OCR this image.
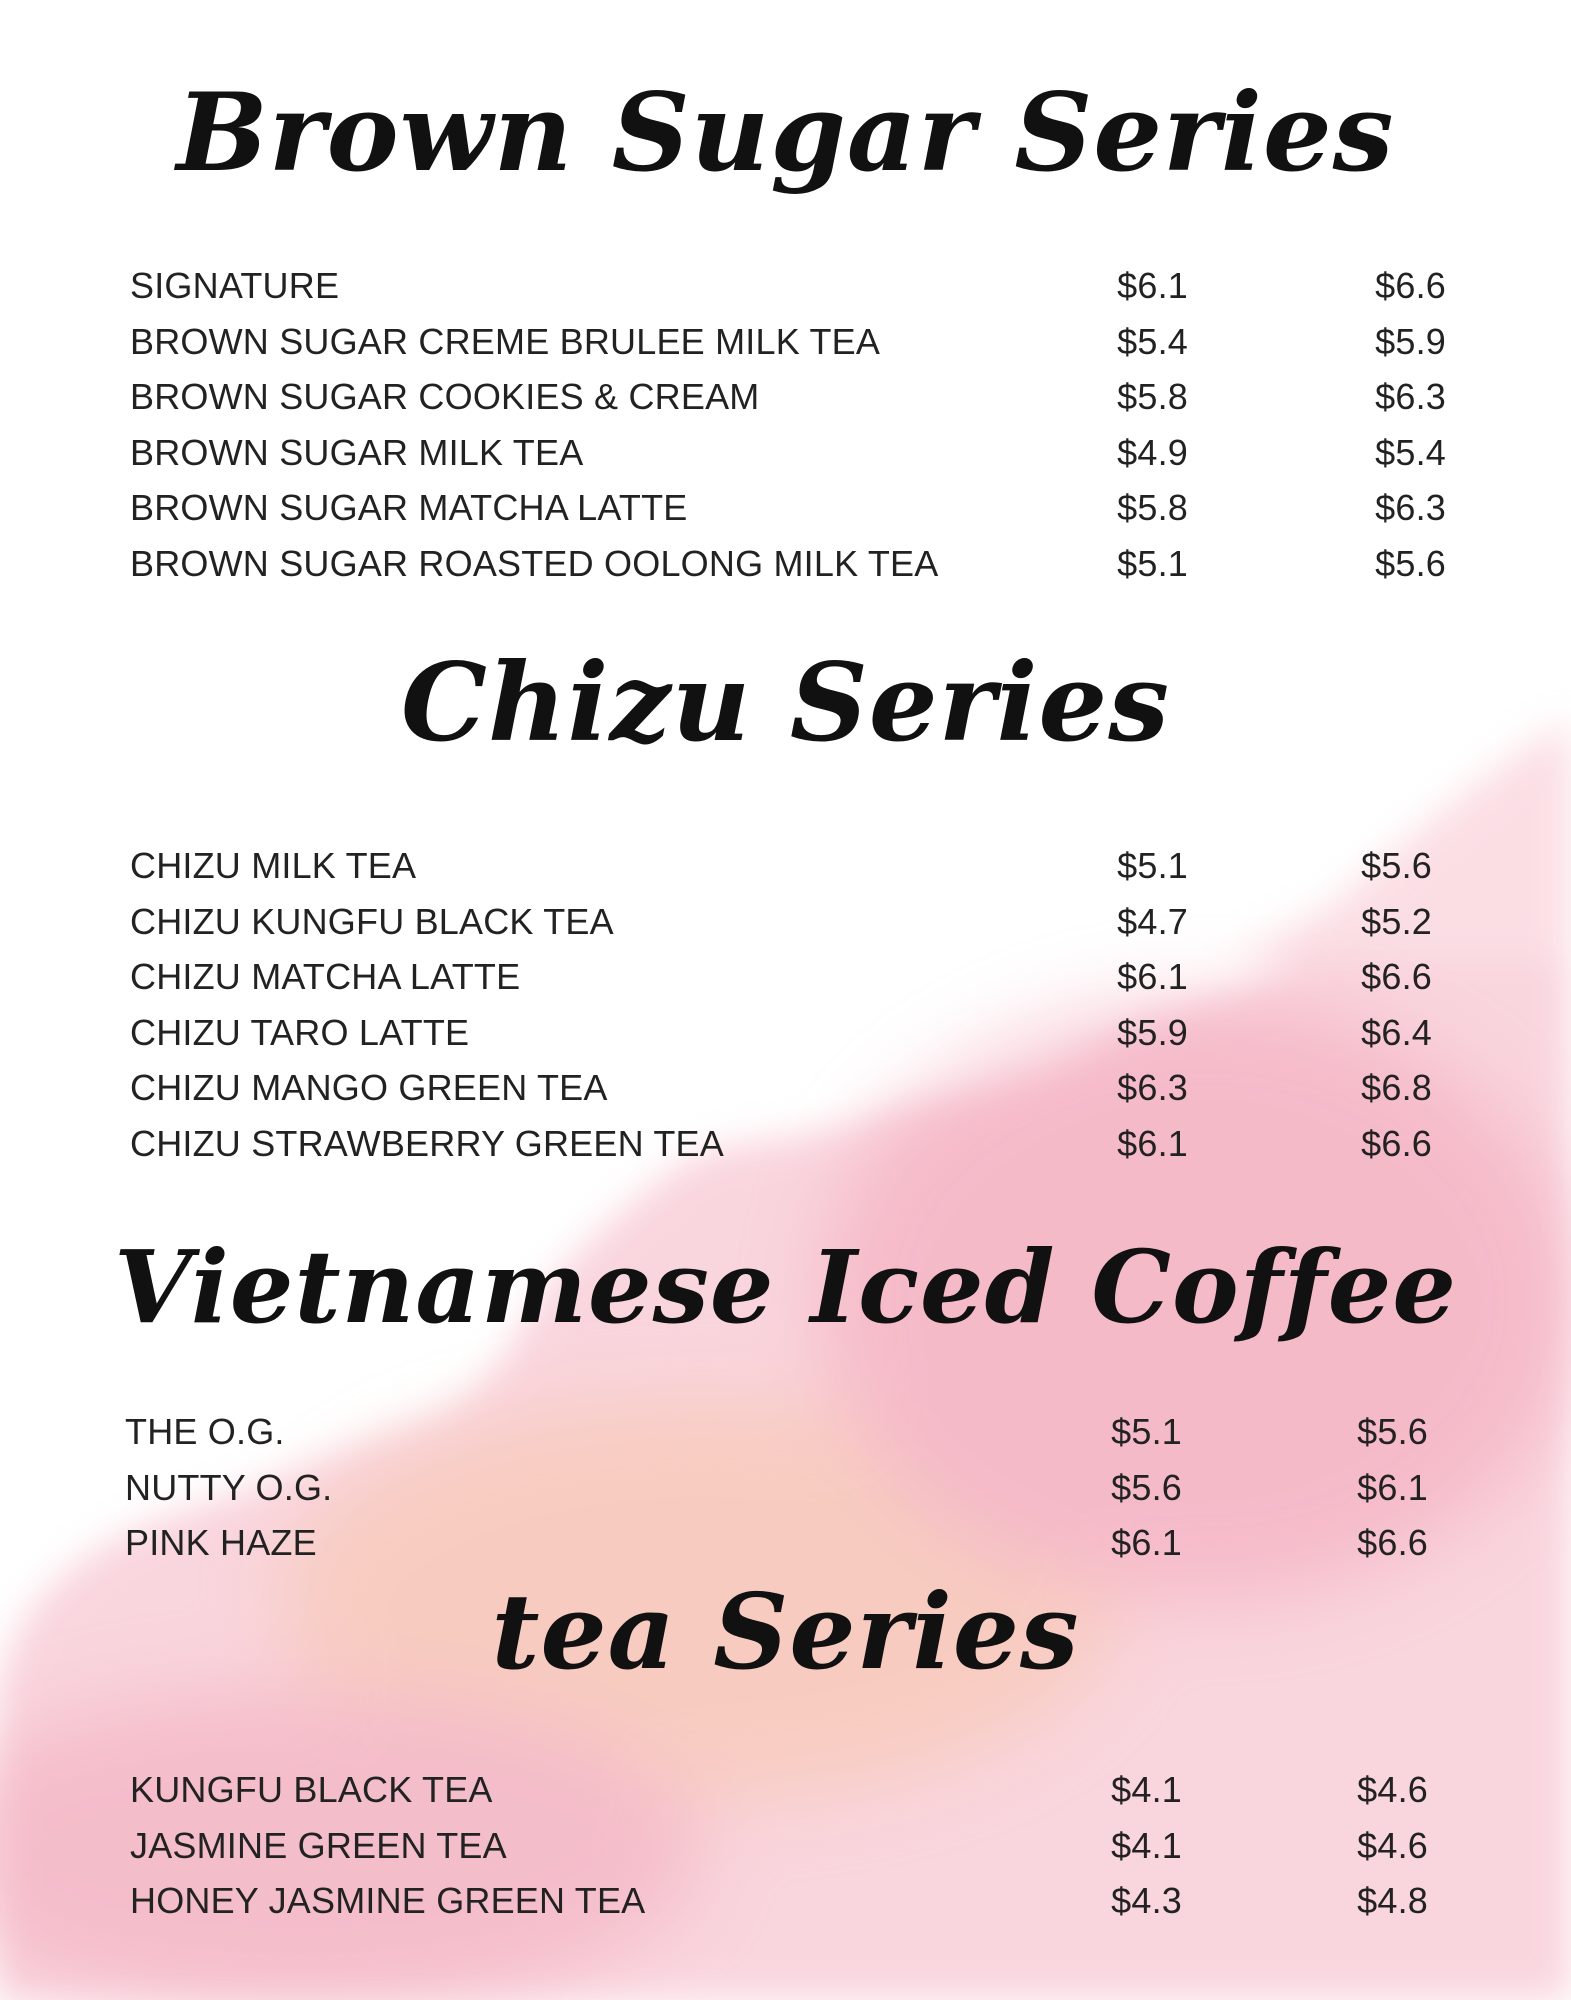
Brown Sugar Series
SIGNATURE	$6.1	$6.6
BROWN SUGAR CREME BRULEE MILK TEA	$5.4	$5.9
BROWN SUGAR COOKIES & CREAM	$5.8	$6.3
BROWN SUGAR MILK TEA	$4.9	$5.4
BROWN SUGAR MATCHA LATTE	$5.8	$6.3
BROWN SUGAR ROASTED OOLONG MILK TEA	$5.1	$5.6
Chizu Series
CHIZU MILK TEA	$5.1	$5.6
CHIZU KUNGFU BLACK TEA	$4.7	$5.2
CHIZU MATCHA LATTE	$6.1	$6.6
CHIZU TARO LATTE	$5.9	$6.4
CHIZU MANGO GREEN TEA	$6.3	$6.8
CHIZU STRAWBERRY GREEN TEA	$6.1	$6.6
Vietnamese Iced Coffee
THE O.G.	$5.1	$5.6
NUTTY O.G.	$5.6	$6.1
PINK HAZE	$6.1	$6.6
tea Series
KUNGFU BLACK TEA	$4.1	$4.6
JASMINE GREEN TEA	$4.1	$4.6
HONEY JASMINE GREEN TEA	$4.3	$4.8
